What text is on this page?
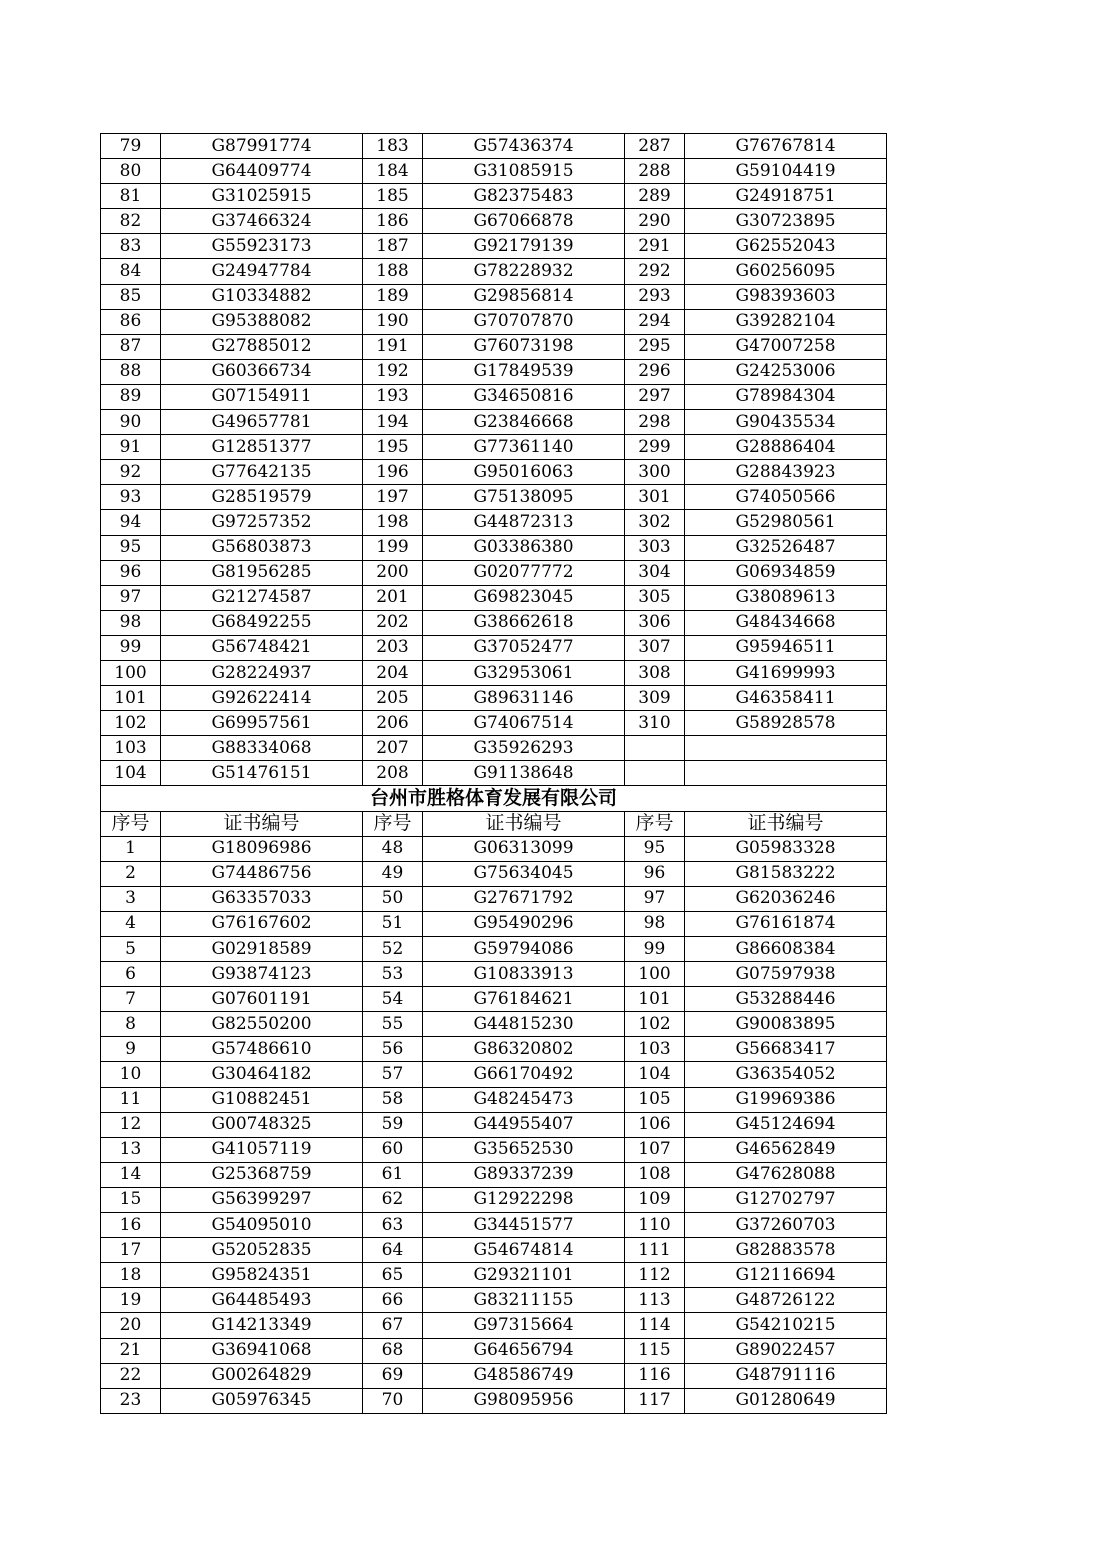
79	G87991774	183	G57436374	287	G76767814
80	G64409774	184	G31085915	288	G59104419
81	G31025915	185	G82375483	289	G24918751
82	G37466324	186	G67066878	290	G30723895
83	G55923173	187	G92179139	291	G62552043
84	G24947784	188	G78228932	292	G60256095
85	G10334882	189	G29856814	293	G98393603
86	G95388082	190	G70707870	294	G39282104
87	G27885012	191	G76073198	295	G47007258
88	G60366734	192	G17849539	296	G24253006
89	G07154911	193	G34650816	297	G78984304
90	G49657781	194	G23846668	298	G90435534
91	G12851377	195	G77361140	299	G28886404
92	G77642135	196	G95016063	300	G28843923
93	G28519579	197	G75138095	301	G74050566
94	G97257352	198	G44872313	302	G52980561
95	G56803873	199	G03386380	303	G32526487
96	G81956285	200	G02077772	304	G06934859
97	G21274587	201	G69823045	305	G38089613
98	G68492255	202	G38662618	306	G48434668
99	G56748421	203	G37052477	307	G95946511
100	G28224937	204	G32953061	308	G41699993
101	G92622414	205	G89631146	309	G46358411
102	G69957561	206	G74067514	310	G58928578
103	G88334068	207	G35926293		
104	G51476151	208	G91138648		
台州市胜格体育发展有限公司					
序号	证书编号	序号	证书编号	序号	证书编号
1	G18096986	48	G06313099	95	G05983328
2	G74486756	49	G75634045	96	G81583222
3	G63357033	50	G27671792	97	G62036246
4	G76167602	51	G95490296	98	G76161874
5	G02918589	52	G59794086	99	G86608384
6	G93874123	53	G10833913	100	G07597938
7	G07601191	54	G76184621	101	G53288446
8	G82550200	55	G44815230	102	G90083895
9	G57486610	56	G86320802	103	G56683417
10	G30464182	57	G66170492	104	G36354052
11	G10882451	58	G48245473	105	G19969386
12	G00748325	59	G44955407	106	G45124694
13	G41057119	60	G35652530	107	G46562849
14	G25368759	61	G89337239	108	G47628088
15	G56399297	62	G12922298	109	G12702797
16	G54095010	63	G34451577	110	G37260703
17	G52052835	64	G54674814	111	G82883578
18	G95824351	65	G29321101	112	G12116694
19	G64485493	66	G83211155	113	G48726122
20	G14213349	67	G97315664	114	G54210215
21	G36941068	68	G64656794	115	G89022457
22	G00264829	69	G48586749	116	G48791116
23	G05976345	70	G98095956	117	G01280649
